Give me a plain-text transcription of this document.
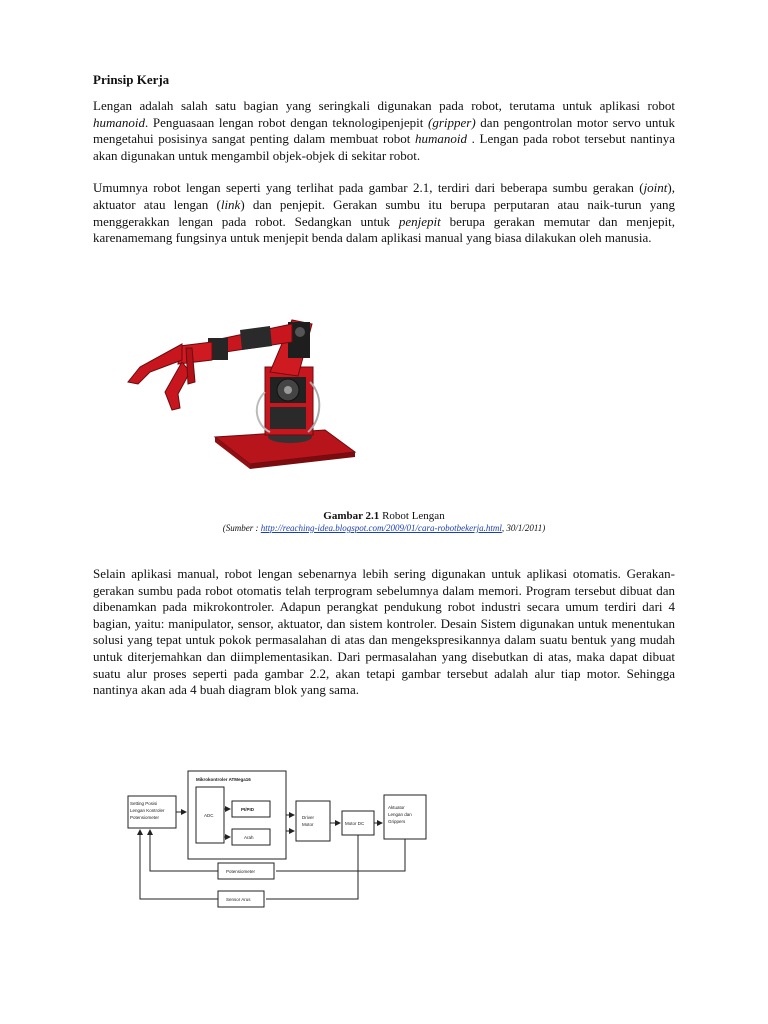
Prinsip Kerja

Lengan adalah salah satu bagian yang seringkali digunakan pada robot, terutama untuk aplikasi robot humanoid. Penguasaan lengan robot dengan teknologipenjepit (gripper) dan pengontrolan motor servo untuk mengetahui posisinya sangat penting dalam membuat robot humanoid . Lengan pada robot tersebut nantinya akan digunakan untuk mengambil objek-objek di sekitar robot.

Umumnya robot lengan seperti yang terlihat pada gambar 2.1, terdiri dari beberapa sumbu gerakan (joint), aktuator atau lengan (link) dan penjepit. Gerakan sumbu itu berupa perputaran atau naik-turun yang menggerakkan lengan pada robot. Sedangkan untuk penjepit berupa gerakan memutar dan menjepit, karenamemang fungsinya untuk menjepit benda dalam aplikasi manual yang biasa dilakukan oleh manusia.

Gambar 2.1 Robot Lengan
(Sumber : http://reaching-idea.blogspot.com/2009/01/cara-robotbekerja.html, 30/1/2011)

Selain aplikasi manual, robot lengan sebenarnya lebih sering digunakan untuk aplikasi otomatis. Gerakan-gerakan sumbu pada robot otomatis telah terprogram sebelumnya dalam memori. Program tersebut dibuat dan dibenamkan pada mikrokontroler. Adapun perangkat pendukung robot industri secara umum terdiri dari 4 bagian, yaitu: manipulator, sensor, aktuator, dan sistem kontroler. Desain Sistem digunakan untuk menentukan solusi yang tepat untuk pokok permasalahan di atas dan mengekspresikannya dalam suatu bentuk yang mudah untuk diterjemahkan dan diimplementasikan. Dari permasalahan yang disebutkan di atas, maka dapat dibuat suatu alur proses seperti pada gambar 2.2, akan tetapi gambar tersebut adalah alur tiap motor. Sehingga nantinya akan ada 4 buah diagram blok yang sama.

Setting Posisi
Lengan Kontroler
Potensiometer
Mikrokontroler ATMega16
ADC
PI/PID
Arah
Driver
Motor	Motor DC
Aktuator
Lengan dan
Grippers
Potensiometer
Sensor Arus
